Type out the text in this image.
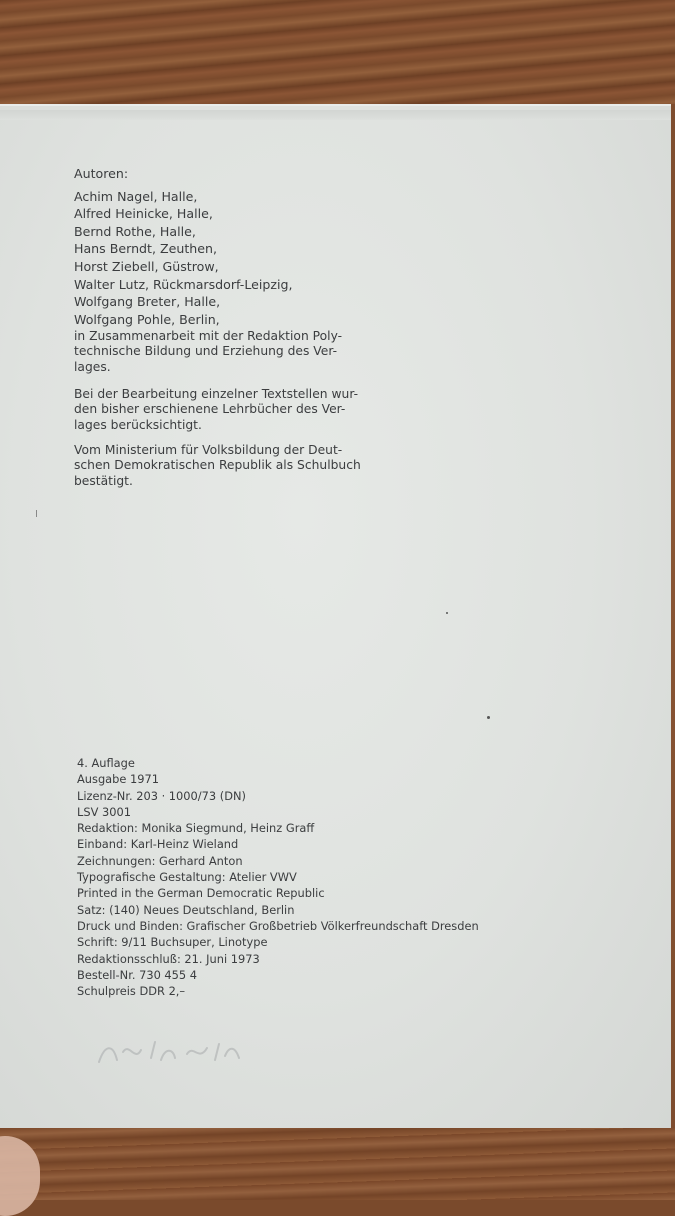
Autoren:
Achim Nagel, Halle,
Alfred Heinicke, Halle,
Bernd Rothe, Halle,
Hans Berndt, Zeuthen,
Horst Ziebell, Güstrow,
Walter Lutz, Rückmarsdorf-Leipzig,
Wolfgang Breter, Halle,
Wolfgang Pohle, Berlin,
in Zusammenarbeit mit der Redaktion Poly-
technische Bildung und Erziehung des Ver-
lages.
Bei der Bearbeitung einzelner Textstellen wur-
den bisher erschienene Lehrbücher des Ver-
lages berücksichtigt.
Vom Ministerium für Volksbildung der Deut-
schen Demokratischen Republik als Schulbuch
bestätigt.
4. Auflage
Ausgabe 1971
Lizenz-Nr. 203 · 1000/73 (DN)
LSV 3001
Redaktion: Monika Siegmund, Heinz Graff
Einband: Karl-Heinz Wieland
Zeichnungen: Gerhard Anton
Typografische Gestaltung: Atelier VWV
Printed in the German Democratic Republic
Satz: (140) Neues Deutschland, Berlin
Druck und Binden: Grafischer Großbetrieb Völkerfreundschaft Dresden
Schrift: 9/11 Buchsuper, Linotype
Redaktionsschluß: 21. Juni 1973
Bestell-Nr. 730 455 4
Schulpreis DDR 2,–
